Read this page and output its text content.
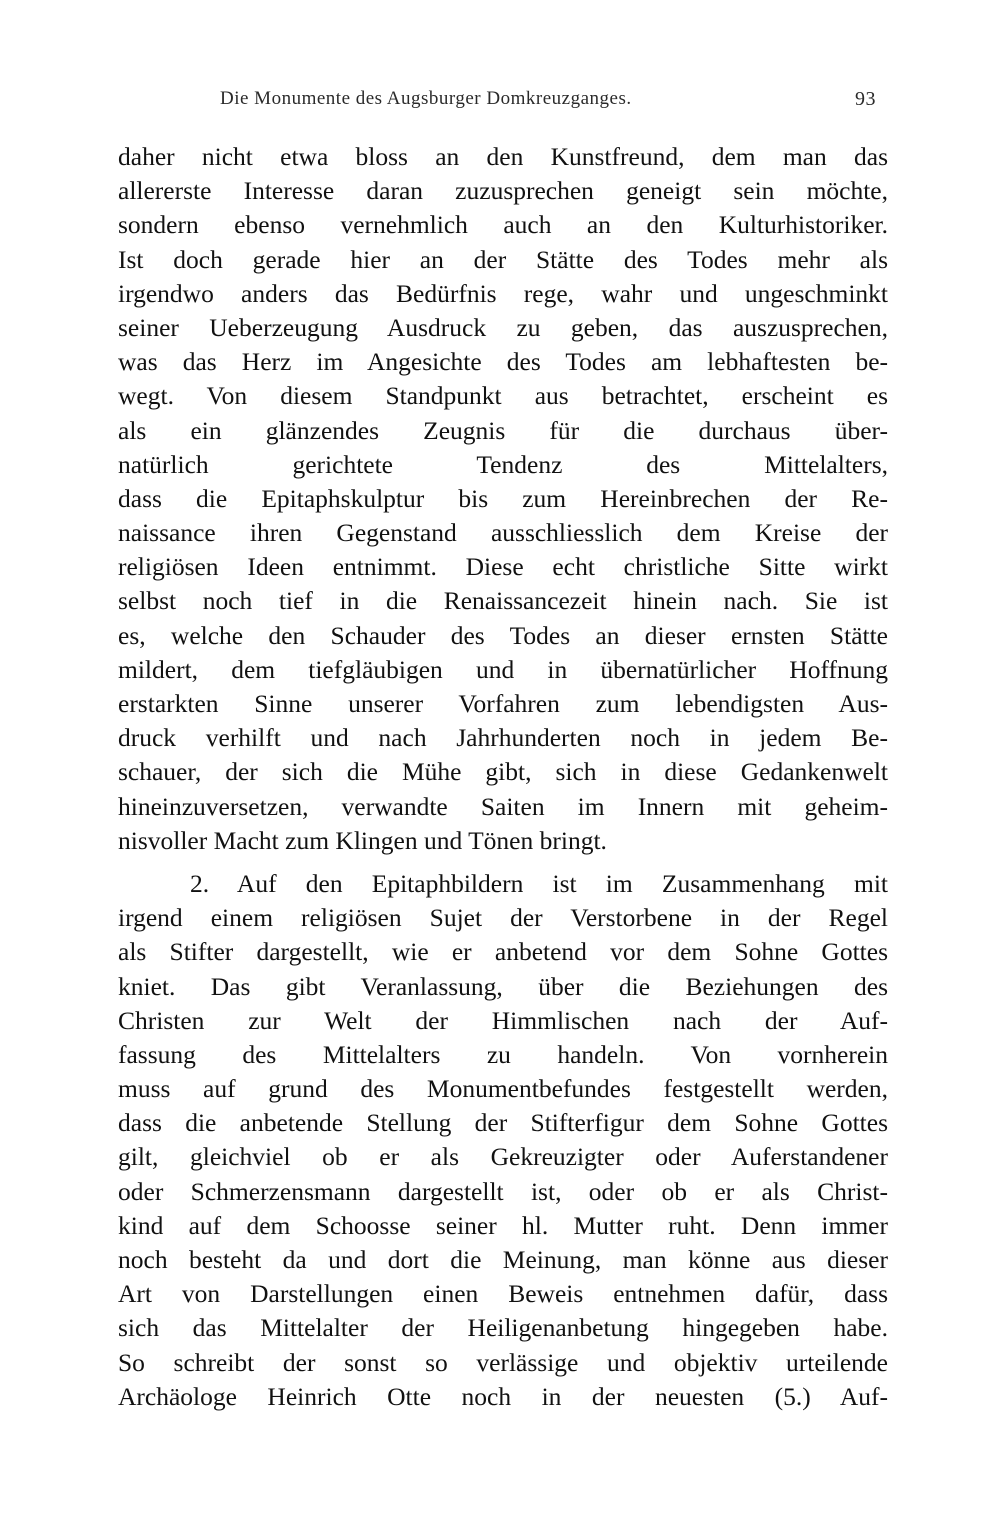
Die Monumente des Augsburger Domkreuzganges.	93

daher nicht etwa bloss an den Kunstfreund, dem man das
allererste Interesse daran zuzusprechen geneigt sein möchte,
sondern ebenso vernehmlich auch an den Kulturhistoriker.
Ist doch gerade hier an der Stätte des Todes mehr als
irgendwo anders das Bedürfnis rege, wahr und ungeschminkt
seiner Ueberzeugung Ausdruck zu geben, das auszusprechen,
was das Herz im Angesichte des Todes am lebhaftesten be-
wegt. Von diesem Standpunkt aus betrachtet, erscheint es
als ein glänzendes Zeugnis für die durchaus über-
natürlich gerichtete Tendenz des Mittelalters,
dass die Epitaphskulptur bis zum Hereinbrechen der Re-
naissance ihren Gegenstand ausschliesslich dem Kreise der
religiösen Ideen entnimmt. Diese echt christliche Sitte wirkt
selbst noch tief in die Renaissancezeit hinein nach. Sie ist
es, welche den Schauder des Todes an dieser ernsten Stätte
mildert, dem tiefgläubigen und in übernatürlicher Hoffnung
erstarkten Sinne unserer Vorfahren zum lebendigsten Aus-
druck verhilft und nach Jahrhunderten noch in jedem Be-
schauer, der sich die Mühe gibt, sich in diese Gedankenwelt
hineinzuversetzen, verwandte Saiten im Innern mit geheim-
nisvoller Macht zum Klingen und Tönen bringt.

2. Auf den Epitaphbildern ist im Zusammenhang mit
irgend einem religiösen Sujet der Verstorbene in der Regel
als Stifter dargestellt, wie er anbetend vor dem Sohne Gottes
kniet. Das gibt Veranlassung, über die Beziehungen des
Christen zur Welt der Himmlischen nach der Auf-
fassung des Mittelalters zu handeln. Von vornherein
muss auf grund des Monumentbefundes festgestellt werden,
dass die anbetende Stellung der Stifterfigur dem Sohne Gottes
gilt, gleichviel ob er als Gekreuzigter oder Auferstandener
oder Schmerzensmann dargestellt ist, oder ob er als Christ-
kind auf dem Schoosse seiner hl. Mutter ruht. Denn immer
noch besteht da und dort die Meinung, man könne aus dieser
Art von Darstellungen einen Beweis entnehmen dafür, dass
sich das Mittelalter der Heiligenanbetung hingegeben habe.
So schreibt der sonst so verlässige und objektiv urteilende
Archäologe Heinrich Otte noch in der neuesten (5.) Auf-
